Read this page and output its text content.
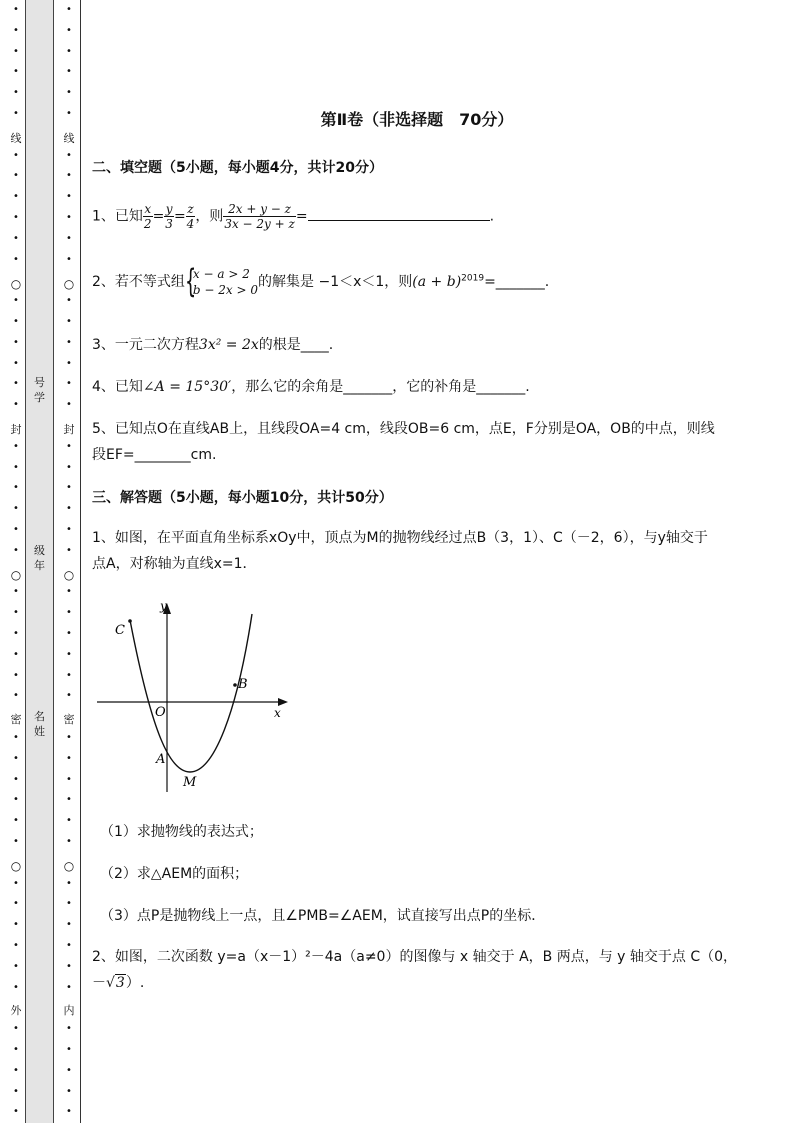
•
•
•
•
•
•
•
•
•
•
•
•
•
•
•
•
•
•
•
•
•
•
•
•
•
•
•
•
•
•
•
•
•
•
•
•
•
•
•
•
•
•
•
•
•
•
•
线
○
封
○
密
○
外
号
学
级
年
名
姓
•
•
•
•
•
•
•
•
•
•
•
•
•
•
•
•
•
•
•
•
•
•
•
•
•
•
•
•
•
•
•
•
•
•
•
•
•
•
•
•
•
•
•
•
•
•
•
线
○
封
○
密
○
内
第Ⅱ卷（非选择题　70分）
二、填空题（5小题，每小题4分，共计20分）
1、已知 $\frac{x}{2} = \frac{y}{3} = \frac{z}{4}$ ，则 $\frac{2x + y - z}{3x - 2y + z}$ =	.
2、若不等式组 {
x − a > 2
b − 2x > 0 的解集是 −1＜x＜1，则$(a + b)^{2019}=\_\_\_\_\_\_\_$.
3、一元二次方程3x² = 2x的根是____.
4、已知∠A = 15°30′，那么它的余角是_______，它的补角是_______.
5、已知点O在直线AB上，且线段OA=4 cm，线段OB=6 cm，点E，F分别是OA，OB的中点，则线
段EF=________cm.
三、解答题（5小题，每小题10分，共计50分）
1、如图，在平面直角坐标系xOy中，顶点为M的抛物线经过点B（3，1）、C（－2，6），与y轴交于
点A，对称轴为直线x=1．
y
x
C
O
B
A
M
（1）求抛物线的表达式；
（2）求△AEM的面积；
（3）点P是抛物线上一点，且∠PMB=∠AEM，试直接写出点P的坐标．
2、如图，二次函数 y=a（x－1）²－4a（a≠0）的图像与 x 轴交于 A，B 两点，与 y 轴交于点 C（0，
－√3）.
